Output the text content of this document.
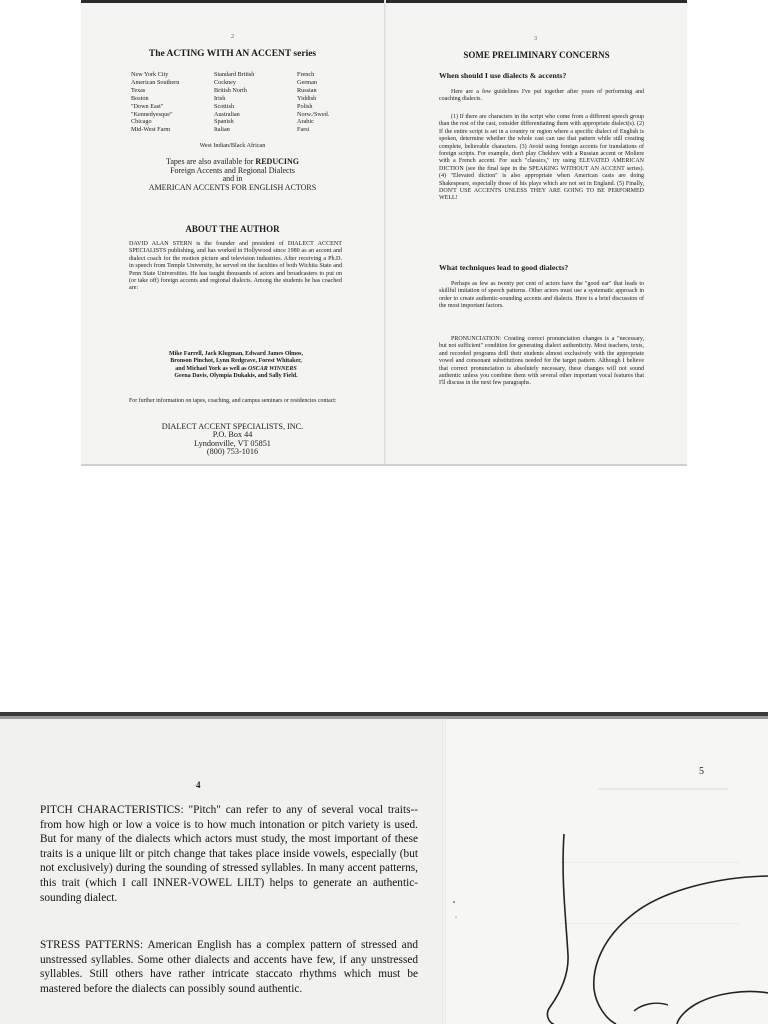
2
The ACTING WITH AN ACCENT series
New York City
American Southern
Texas
Boston
"Down East"
"Kennedyesque"
Chicago
Mid-West Farm
Standard British
Cockney
British North
Irish
Scottish
Australian
Spanish
Italian
French
German
Russian
Yiddish
Polish
Norw./Swed.
Arabic
Farsi
West Indian/Black African
Tapes are also available for REDUCING
Foreign Accents and Regional Dialects
and in
AMERICAN ACCENTS FOR ENGLISH ACTORS
ABOUT THE AUTHOR
DAVID ALAN STERN is the founder and president of DIALECT ACCENT SPECIALISTS publishing, and has worked in Hollywood since 1980 as an accent and dialect coach for the motion picture and television industries. After receiving a Ph.D. in speech from Temple University, he served on the faculties of both Wichita State and Penn State Universities. He has taught thousands of actors and broadcasters to put on (or take off) foreign accents and regional dialects. Among the students he has coached are:
Mike Farrell, Jack Klugman, Edward James Olmos,
Bronson Pinchot, Lynn Redgrave, Forest Whitaker,
and Michael York as well as OSCAR WINNERS
Geena Davis, Olympia Dukakis, and Sally Field.
For further information on tapes, coaching, and campus seminars or residencies contact:
DIALECT ACCENT SPECIALISTS, INC.
P.O. Box 44
Lyndonville, VT 05851
(800) 753-1016
3
SOME PRELIMINARY CONCERNS
When should I use dialects & accents?
Here are a few guidelines I've put together after years of performing and coaching dialects.
(1) If there are characters in the script who come from a different speech group than the rest of the cast, consider differentiating them with appropriate dialect(s). (2) If the entire script is set in a country or region where a specific dialect of English is spoken, determine whether the whole cast can use that pattern while still creating complete, believable characters. (3) Avoid using foreign accents for translations of foreign scripts. For example, don't play Chekhov with a Russian accent or Moliere with a French accent. For such "classics," try using ELEVATED AMERICAN DICTION (see the final tape in the SPEAKING WITHOUT AN ACCENT series). (4) "Elevated diction" is also appropriate when American casts are doing Shakespeare, especially those of his plays which are not set in England. (5) Finally, DON'T USE ACCENTS UNLESS THEY ARE GOING TO BE PERFORMED WELL!
What techniques lead to good dialects?
Perhaps as few as twenty per cent of actors have the "good ear" that leads to skillful imitation of speech patterns. Other actors must use a systematic approach in order to create authentic-sounding accents and dialects. Here is a brief discussion of the most important factors.
PRONUNCIATION: Creating correct pronunciation changes is a "necessary, but not sufficient" condition for generating dialect authenticity. Most teachers, texts, and recorded programs drill their students almost exclusively with the appropriate vowel and consonant substitutions needed for the target pattern. Although I believe that correct pronunciation is absolutely necessary, these changes will not sound authentic unless you combine them with several other important vocal features that I'll discuss in the next few paragraphs.
4
5
PITCH CHARACTERISTICS: "Pitch" can refer to any of several vocal traits--from how high or low a voice is to how much intonation or pitch variety is used. But for many of the dialects which actors must study, the most important of these traits is a unique lilt or pitch change that takes place inside vowels, especially (but not exclusively) during the sounding of stressed syllables. In many accent patterns, this trait (which I call INNER-VOWEL LILT) helps to generate an authentic-sounding dialect.
STRESS PATTERNS: American English has a complex pattern of stressed and unstressed syllables. Some other dialects and accents have few, if any unstressed syllables. Still others have rather intricate staccato rhythms which must be mastered before the dialects can possibly sound authentic.
